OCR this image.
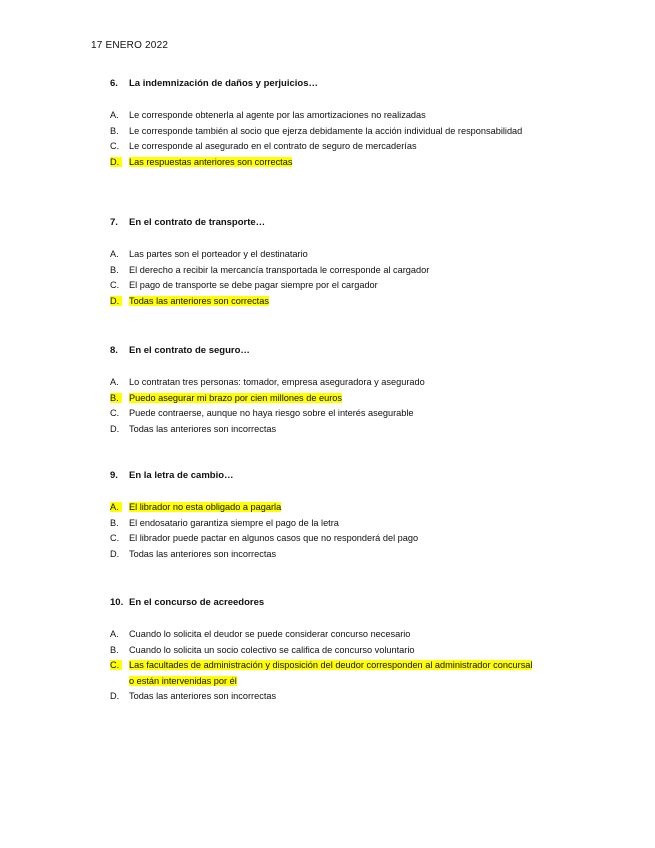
17 ENERO 2022
6.	La indemnización de daños y perjuicios…
A.	Le corresponde obtenerla al agente por las amortizaciones no realizadas
B.	Le corresponde también al socio que ejerza debidamente la acción individual de responsabilidad
C.	Le corresponde al asegurado en el contrato de seguro de mercaderías
D.	Las respuestas anteriores son correctas
7.	En el contrato de transporte…
A.	Las partes son el porteador y el destinatario
B.	El derecho a recibir la mercancía transportada le corresponde al cargador
C.	El pago de transporte se debe pagar siempre por el cargador
D.	Todas las anteriores son correctas
8.	En el contrato de seguro…
A.	Lo contratan tres personas: tomador, empresa aseguradora y asegurado
B.	Puedo asegurar mi brazo por cien millones de euros
C.	Puede contraerse, aunque no haya riesgo sobre el interés asegurable
D.	Todas las anteriores son incorrectas
9.	En la letra de cambio…
A.	El librador no esta obligado a pagarla
B.	El endosatario garantiza siempre el pago de la letra
C.	El librador puede pactar en algunos casos que no responderá del pago
D.	Todas las anteriores son incorrectas
10. En el concurso de acreedores
A.	Cuando lo solicita el deudor se puede considerar concurso necesario
B.	Cuando lo solicita un socio colectivo se califica de concurso voluntario
C.	Las facultades de administración y disposición del deudor corresponden al administrador concursal o están intervenidas por él
D.	Todas las anteriores son incorrectas
